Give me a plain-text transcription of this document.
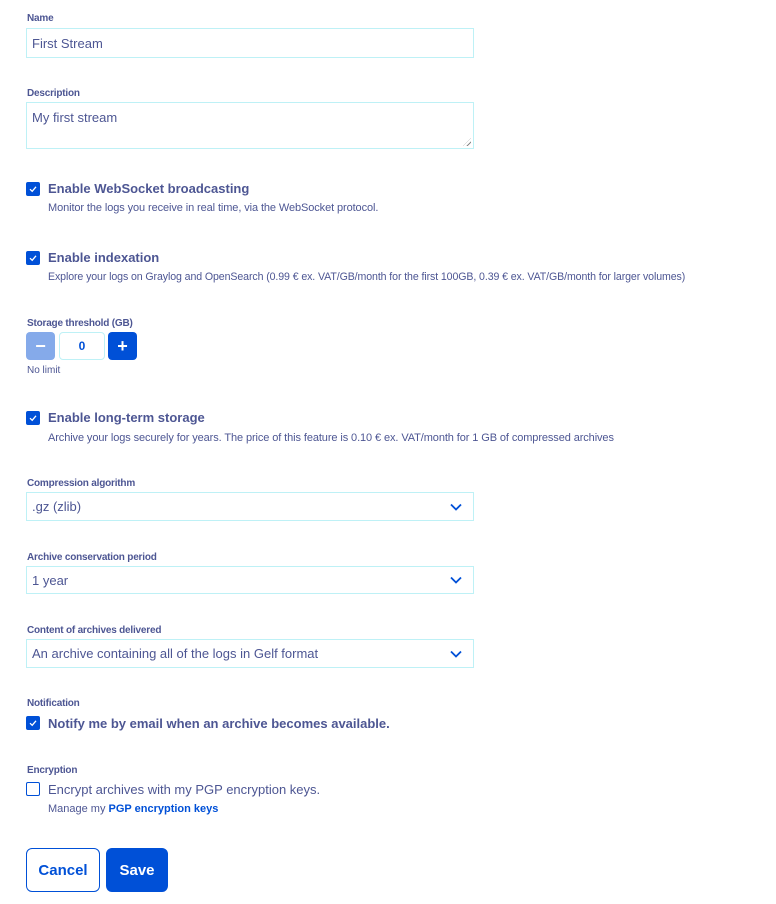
Name
First Stream
Description
My first stream
Enable WebSocket broadcasting
Monitor the logs you receive in real time, via the WebSocket protocol.
Enable indexation
Explore your logs on Graylog and OpenSearch (0.99 € ex. VAT/GB/month for the first 100GB, 0.39 € ex. VAT/GB/month for larger volumes)
Storage threshold (GB)
−	0 +
No limit
Enable long-term storage
Archive your logs securely for years. The price of this feature is 0.10 € ex. VAT/month for 1 GB of compressed archives
Compression algorithm
.gz (zlib)
Archive conservation period
1 year
Content of archives delivered
An archive containing all of the logs in Gelf format
Notification
Notify me by email when an archive becomes available.
Encryption
Encrypt archives with my PGP encryption keys.
Manage my PGP encryption keys
Cancel	Save
